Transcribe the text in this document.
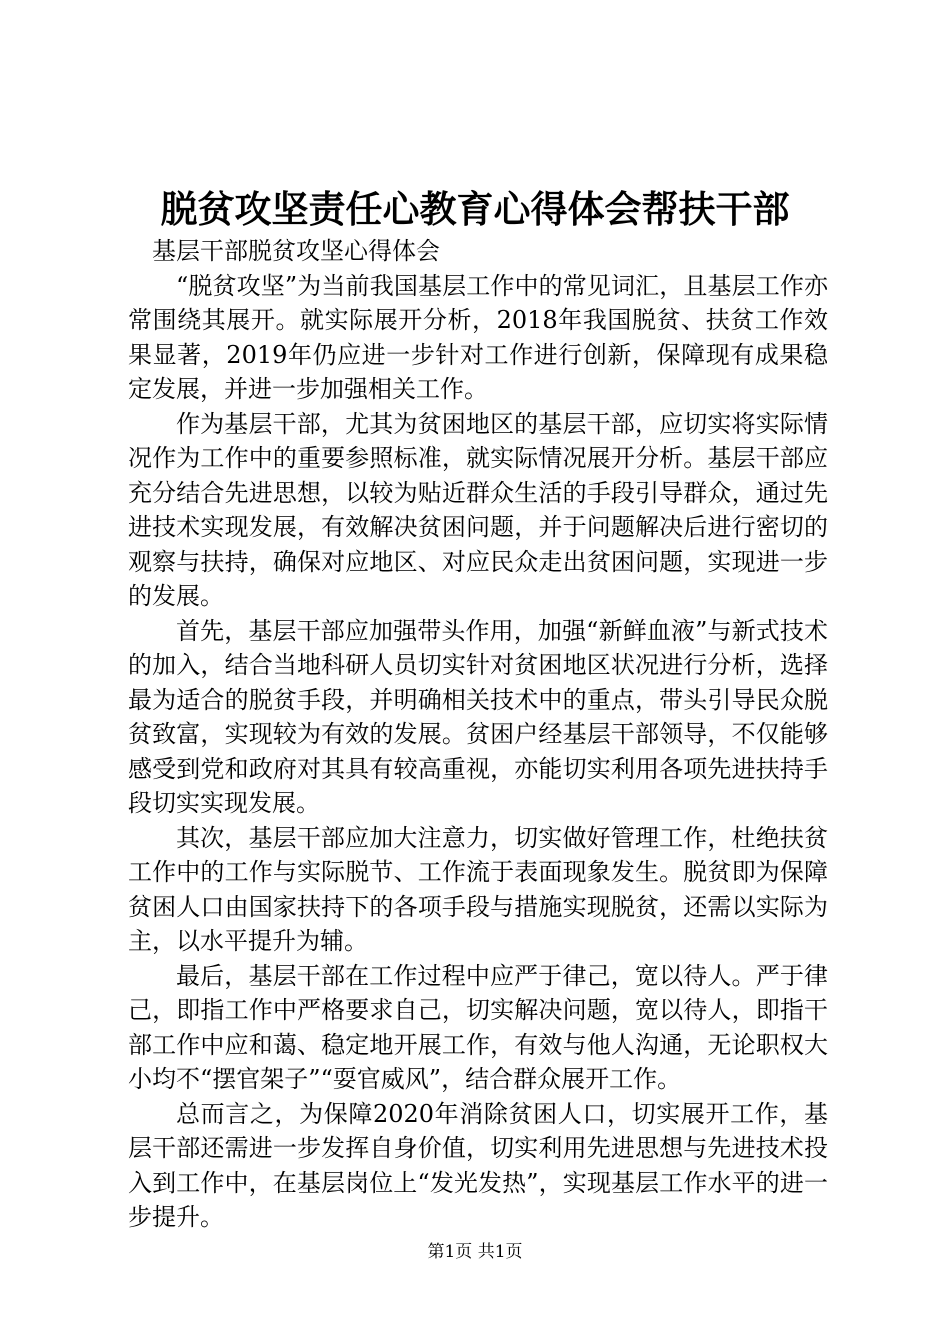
脱贫攻坚责任心教育心得体会帮扶干部

基层干部脱贫攻坚心得体会

“脱贫攻坚”为当前我国基层工作中的常见词汇，且基层工作亦常围绕其展开。就实际展开分析，2018年我国脱贫、扶贫工作效果显著，2019年仍应进一步针对工作进行创新，保障现有成果稳定发展，并进一步加强相关工作。

作为基层干部，尤其为贫困地区的基层干部，应切实将实际情况作为工作中的重要参照标准，就实际情况展开分析。基层干部应充分结合先进思想，以较为贴近群众生活的手段引导群众，通过先进技术实现发展，有效解决贫困问题，并于问题解决后进行密切的观察与扶持，确保对应地区、对应民众走出贫困问题，实现进一步的发展。

首先，基层干部应加强带头作用，加强“新鲜血液”与新式技术的加入，结合当地科研人员切实针对贫困地区状况进行分析，选择最为适合的脱贫手段，并明确相关技术中的重点，带头引导民众脱贫致富，实现较为有效的发展。贫困户经基层干部领导，不仅能够感受到党和政府对其具有较高重视，亦能切实利用各项先进扶持手段切实实现发展。

其次，基层干部应加大注意力，切实做好管理工作，杜绝扶贫工作中的工作与实际脱节、工作流于表面现象发生。脱贫即为保障贫困人口由国家扶持下的各项手段与措施实现脱贫，还需以实际为主，以水平提升为辅。

最后，基层干部在工作过程中应严于律己，宽以待人。严于律己，即指工作中严格要求自己，切实解决问题，宽以待人，即指干部工作中应和蔼、稳定地开展工作，有效与他人沟通，无论职权大小均不“摆官架子”“耍官威风”，结合群众展开工作。

总而言之，为保障2020年消除贫困人口，切实展开工作，基层干部还需进一步发挥自身价值，切实利用先进思想与先进技术投入到工作中，在基层岗位上“发光发热”，实现基层工作水平的进一步提升。

第1页 共1页
